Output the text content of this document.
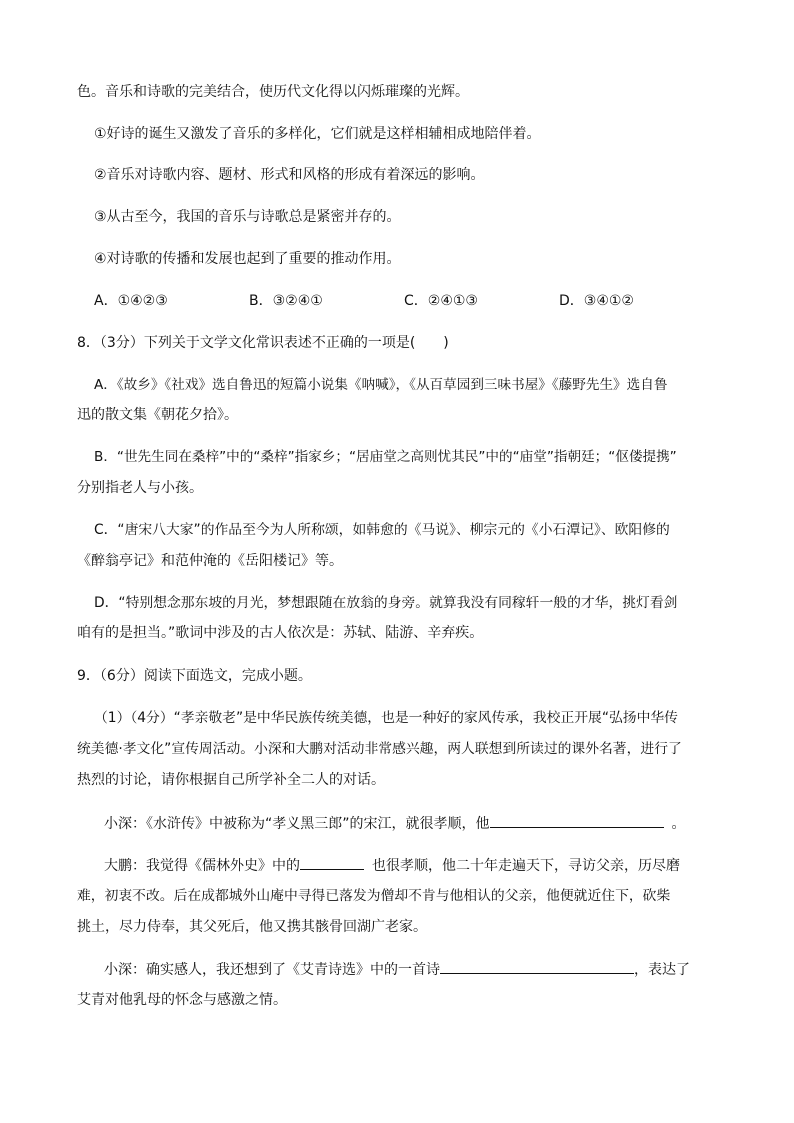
色。音乐和诗歌的完美结合，使历代文化得以闪烁璀璨的光辉。
①好诗的诞生又激发了音乐的多样化，它们就是这样相辅相成地陪伴着。
②音乐对诗歌内容、题材、形式和风格的形成有着深远的影响。
③从古至今，我国的音乐与诗歌总是紧密并存的。
④对诗歌的传播和发展也起到了重要的推动作用。
A．①④②③	B．③②④①	C．②④①③	D．③④①②
8．（3分）下列关于文学文化常识表述不正确的一项是(　　)
A．《故乡》《社戏》选自鲁迅的短篇小说集《呐喊》，《从百草园到三味书屋》《藤野先生》选自鲁
迅的散文集《朝花夕拾》。
B．“世先生同在桑梓”中的“桑梓”指家乡；“居庙堂之高则忧其民”中的“庙堂”指朝廷；“伛偻提携”
分别指老人与小孩。
C．“唐宋八大家”的作品至今为人所称颂，如韩愈的《马说》、柳宗元的《小石潭记》、欧阳修的
《醉翁亭记》和范仲淹的《岳阳楼记》等。
D．“特别想念那东坡的月光，梦想跟随在放翁的身旁。就算我没有同稼轩一般的才华，挑灯看剑
咱有的是担当。”歌词中涉及的古人依次是：苏轼、陆游、辛弃疾。
9．（6分）阅读下面选文，完成小题。
（1）（4分）“孝亲敬老”是中华民族传统美德，也是一种好的家风传承，我校正开展“弘扬中华传
统美德·孝文化”宣传周活动。小深和大鹏对活动非常感兴趣，两人联想到所读过的课外名著，进行了
热烈的讨论，请你根据自己所学补全二人的对话。
小深：《水浒传》中被称为“孝义黑三郎”的宋江，就很孝顺，他	。
大鹏：我觉得《儒林外史》中的	也很孝顺，他二十年走遍天下，寻访父亲，历尽磨
难，初衷不改。后在成都城外山庵中寻得已落发为僧却不肯与他相认的父亲，他便就近住下，砍柴
挑土，尽力侍奉，其父死后，他又携其骸骨回湖广老家。
小深：确实感人，我还想到了《艾青诗选》中的一首诗	，表达了
艾青对他乳母的怀念与感激之情。
